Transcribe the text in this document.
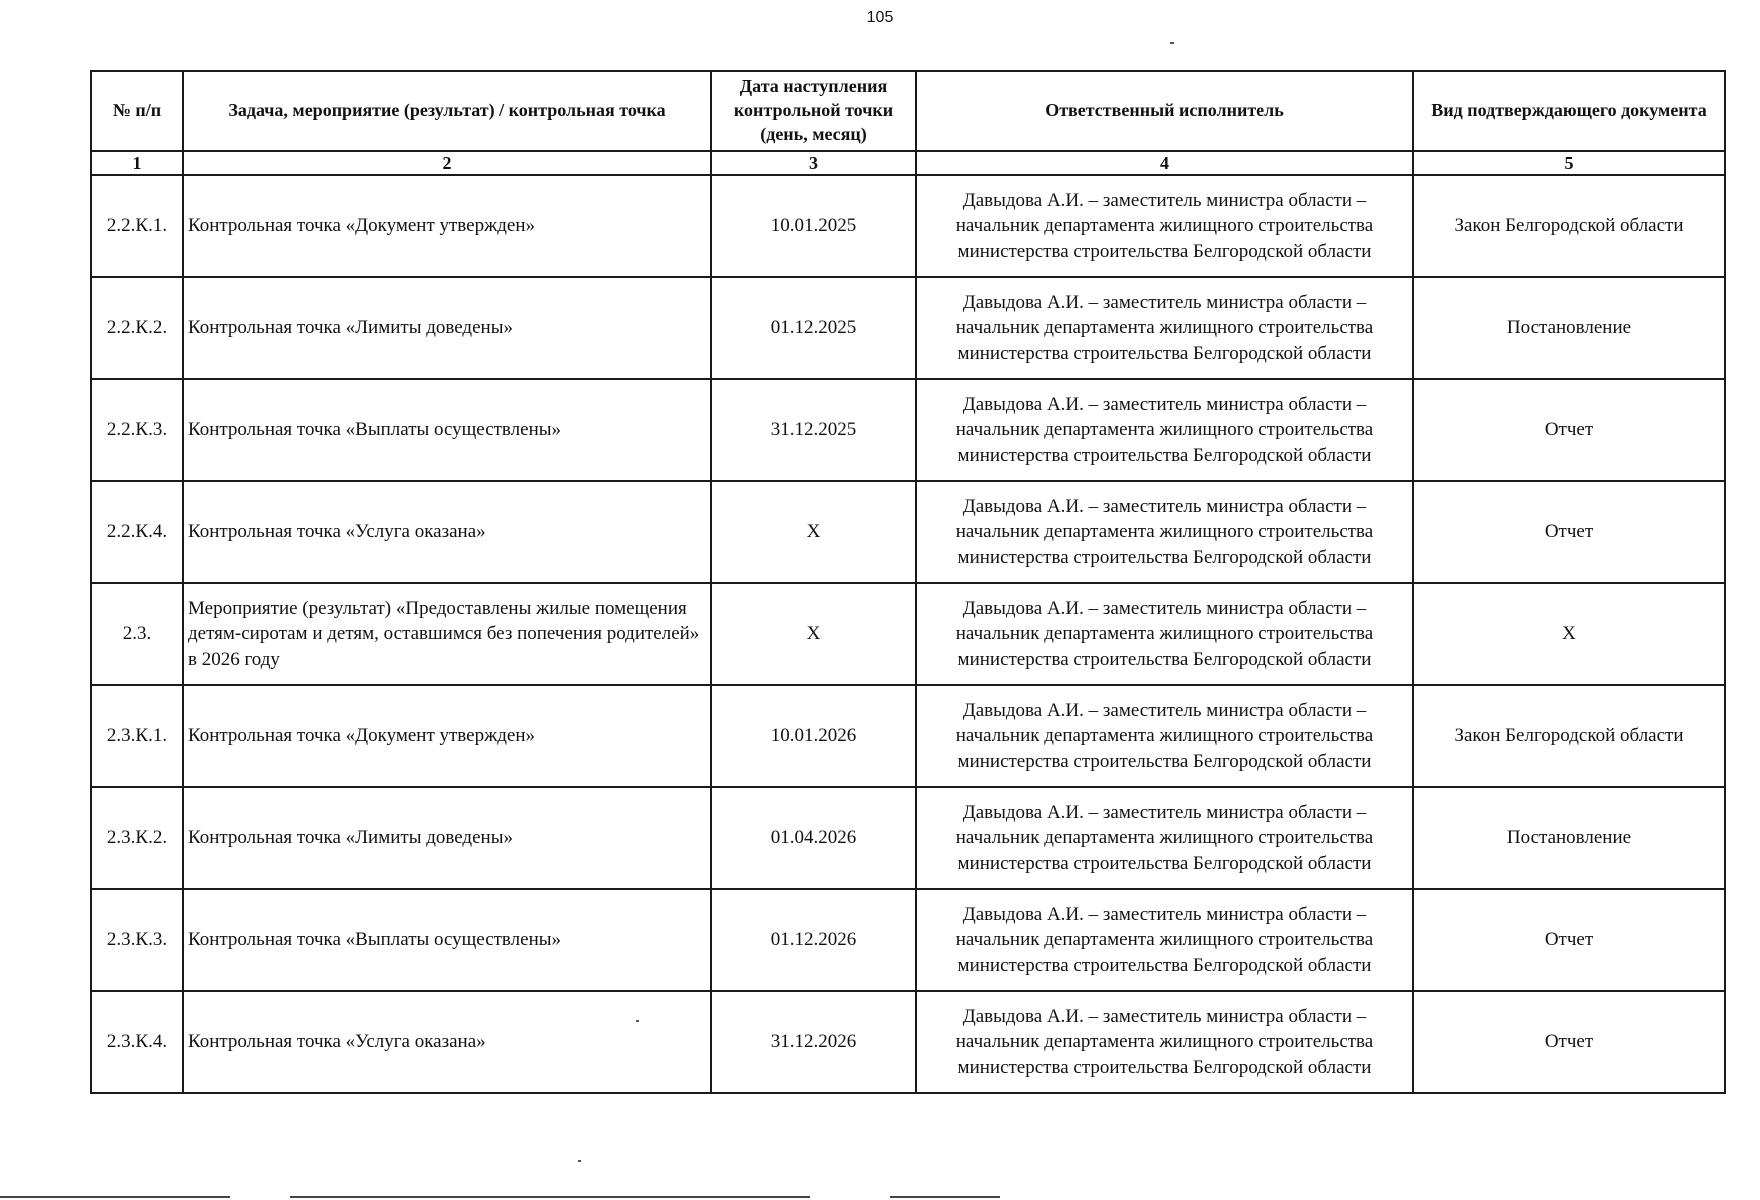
105
№ п/п	Задача, мероприятие (результат) / контрольная точка	Дата наступления контрольной точки (день, месяц)	Ответственный исполнитель	Вид подтверждающего документа
1	2	3	4	5
2.2.К.1.	Контрольная точка «Документ утвержден»	10.01.2025	Давыдова А.И. – заместитель министра области – начальник департамента жилищного строительства министерства строительства Белгородской области	Закон Белгородской области
2.2.К.2.	Контрольная точка «Лимиты доведены»	01.12.2025	Давыдова А.И. – заместитель министра области – начальник департамента жилищного строительства министерства строительства Белгородской области	Постановление
2.2.К.3.	Контрольная точка «Выплаты осуществлены»	31.12.2025	Давыдова А.И. – заместитель министра области – начальник департамента жилищного строительства министерства строительства Белгородской области	Отчет
2.2.К.4.	Контрольная точка «Услуга оказана»	X	Давыдова А.И. – заместитель министра области – начальник департамента жилищного строительства министерства строительства Белгородской области	Отчет
2.3.	Мероприятие (результат) «Предоставлены жилые помещения детям-сиротам и детям, оставшимся без попечения родителей» в 2026 году	X	Давыдова А.И. – заместитель министра области – начальник департамента жилищного строительства министерства строительства Белгородской области	X
2.3.К.1.	Контрольная точка «Документ утвержден»	10.01.2026	Давыдова А.И. – заместитель министра области – начальник департамента жилищного строительства министерства строительства Белгородской области	Закон Белгородской области
2.3.К.2.	Контрольная точка «Лимиты доведены»	01.04.2026	Давыдова А.И. – заместитель министра области – начальник департамента жилищного строительства министерства строительства Белгородской области	Постановление
2.3.К.3.	Контрольная точка «Выплаты осуществлены»	01.12.2026	Давыдова А.И. – заместитель министра области – начальник департамента жилищного строительства министерства строительства Белгородской области	Отчет
2.3.К.4.	Контрольная точка «Услуга оказана»	31.12.2026	Давыдова А.И. – заместитель министра области – начальник департамента жилищного строительства министерства строительства Белгородской области	Отчет
